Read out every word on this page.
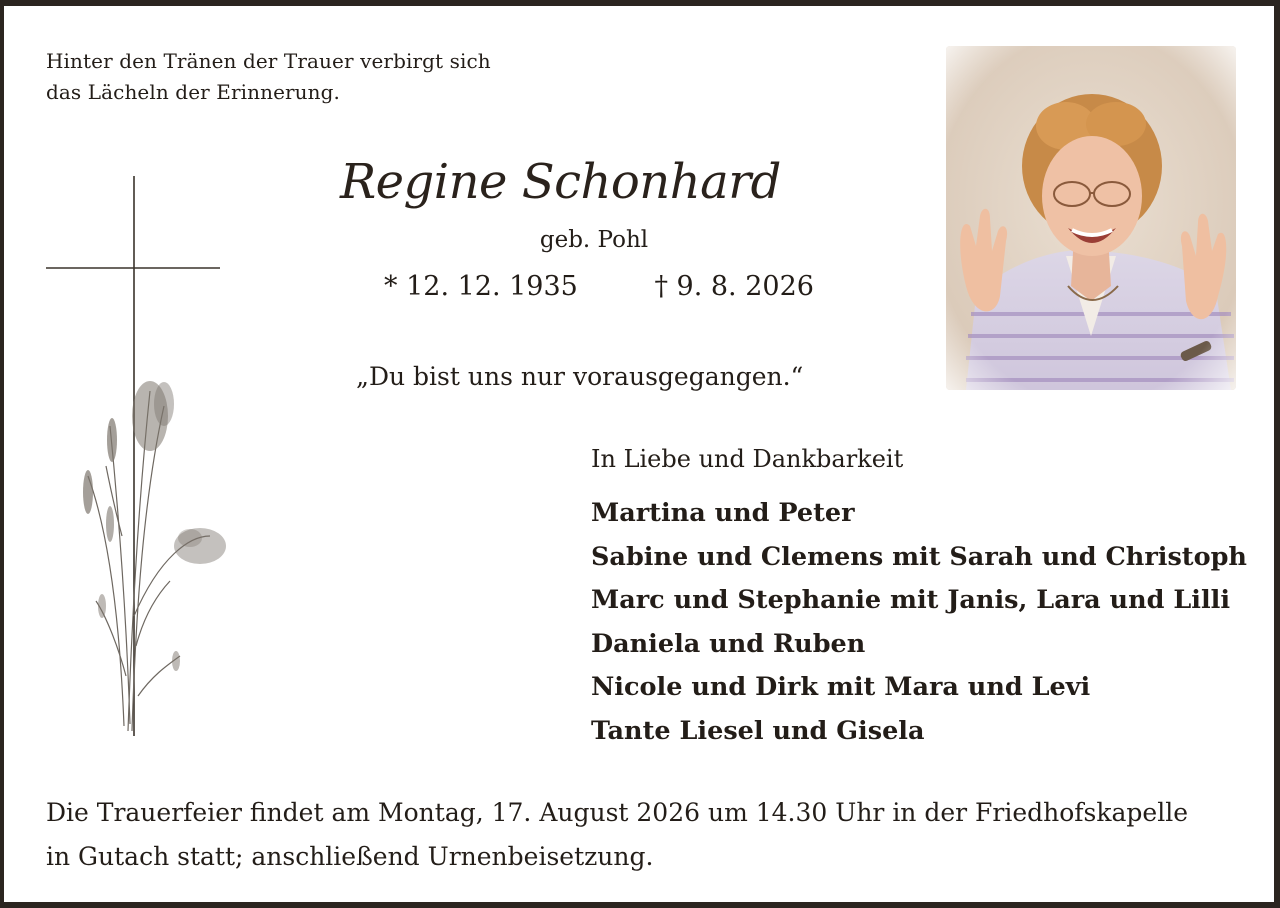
Hinter den Tränen der Trauer verbirgt sich
das Lächeln der Erinnerung.
Regine Schonhard
geb. Pohl
* 12. 12. 1935	† 9. 8. 2026
„Du bist uns nur vorausgegangen.“
In Liebe und Dankbarkeit
Martina und Peter
Sabine und Clemens mit Sarah und Christoph
Marc und Stephanie mit Janis, Lara und Lilli
Daniela und Ruben
Nicole und Dirk mit Mara und Levi
Tante Liesel und Gisela
Die Trauerfeier findet am Montag, 17. August 2026 um 14.30 Uhr in der Friedhofskapelle
in Gutach statt; anschließend Urnenbeisetzung.
